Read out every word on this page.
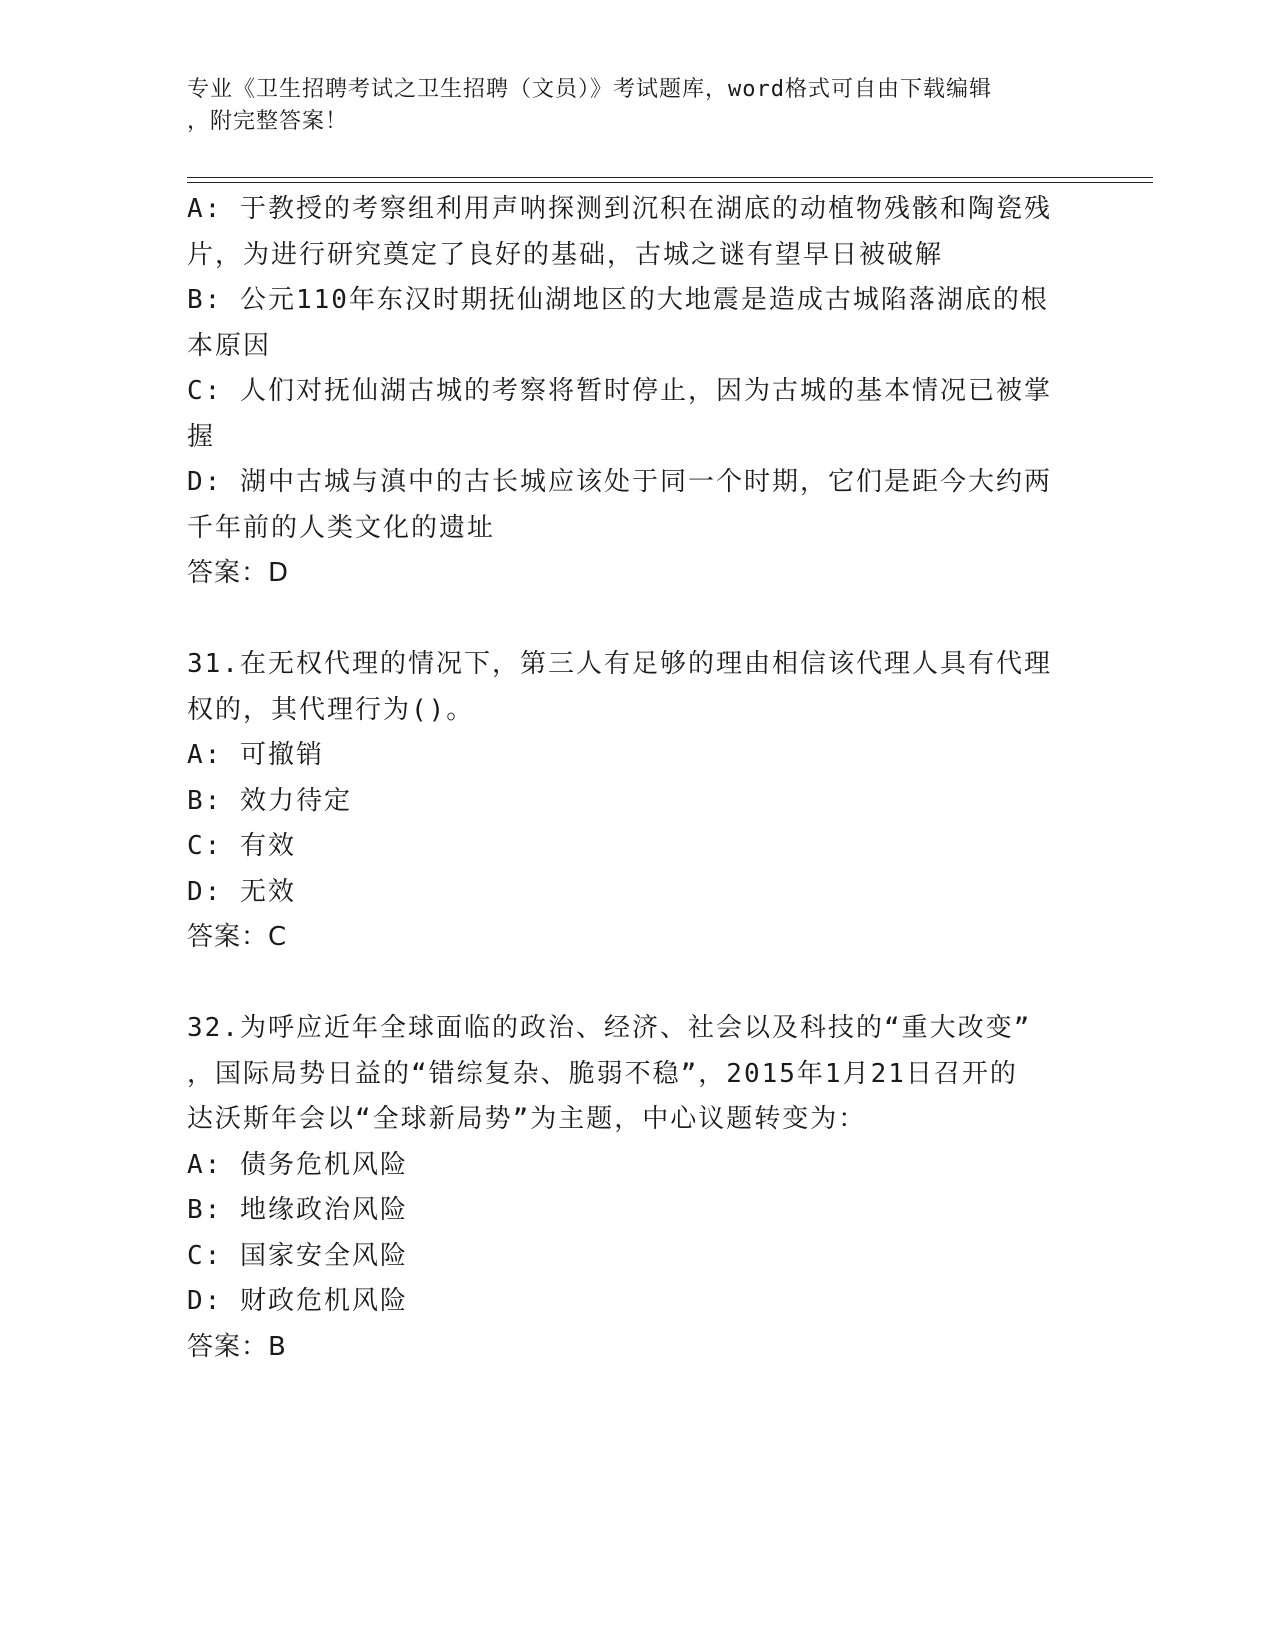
专业《卫生招聘考试之卫生招聘（文员）》考试题库，word格式可自由下载编辑
，附完整答案！
A: 于教授的考察组利用声呐探测到沉积在湖底的动植物残骸和陶瓷残
片，为进行研究奠定了良好的基础，古城之谜有望早日被破解
B: 公元110年东汉时期抚仙湖地区的大地震是造成古城陷落湖底的根
本原因
C: 人们对抚仙湖古城的考察将暂时停止，因为古城的基本情况已被掌
握
D: 湖中古城与滇中的古长城应该处于同一个时期，它们是距今大约两
千年前的人类文化的遗址
答案：D
31.在无权代理的情况下，第三人有足够的理由相信该代理人具有代理
权的，其代理行为()。
A: 可撤销
B: 效力待定
C: 有效
D: 无效
答案：C
32.为呼应近年全球面临的政治、经济、社会以及科技的“重大改变”
，国际局势日益的“错综复杂、脆弱不稳”，2015年1月21日召开的
达沃斯年会以“全球新局势”为主题，中心议题转变为：
A: 债务危机风险
B: 地缘政治风险
C: 国家安全风险
D: 财政危机风险
答案：B
